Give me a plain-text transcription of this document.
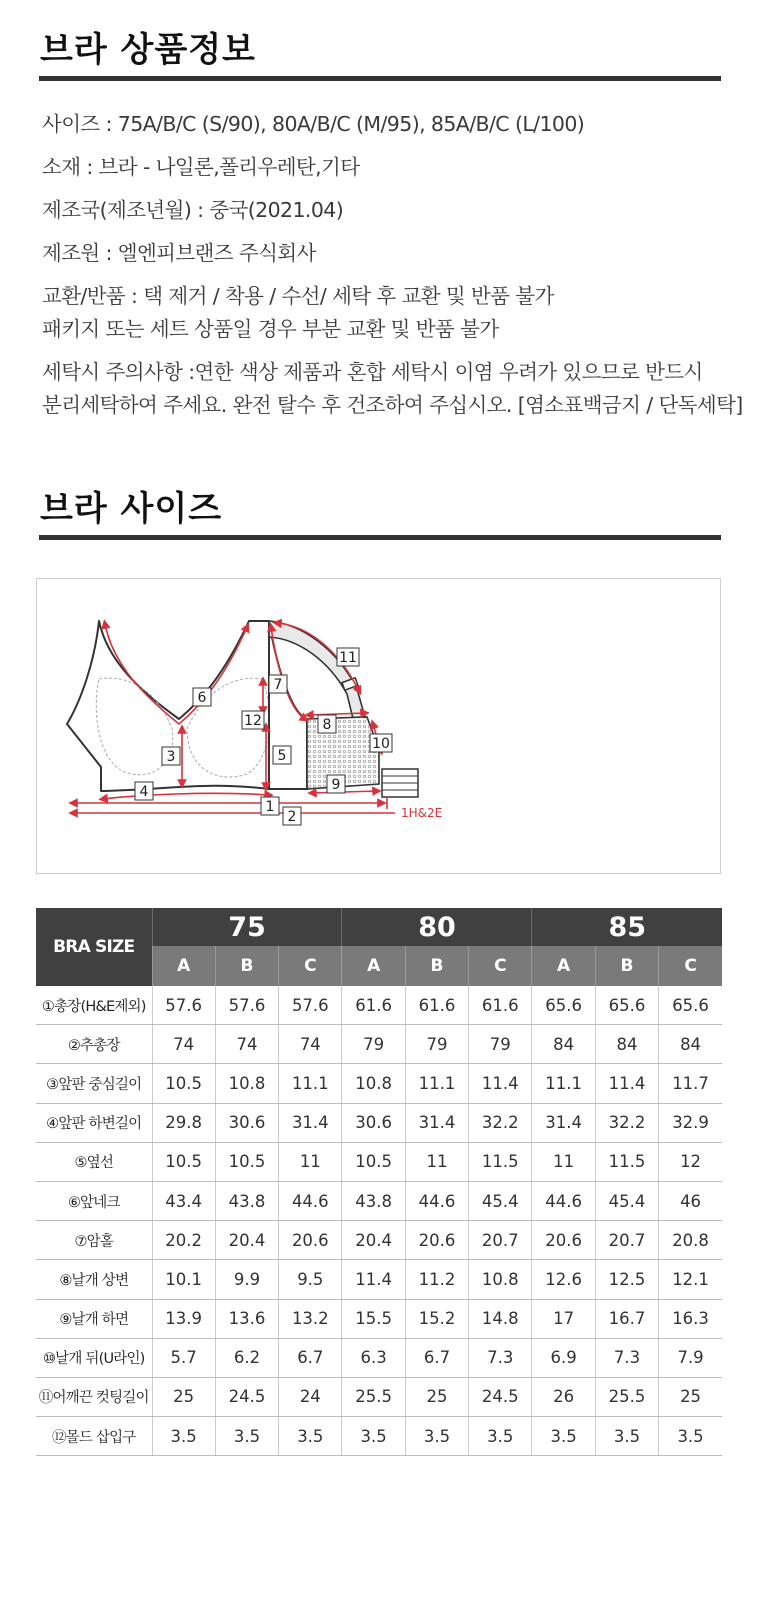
브라 상품정보

사이즈 : 75A/B/C (S/90), 80A/B/C (M/95), 85A/B/C (L/100)

소재 : 브라 - 나일론,폴리우레탄,기타

제조국(제조년월) : 중국(2021.04)

제조원 : 엘엔피브랜즈 주식회사

교환/반품 : 택 제거 / 착용 / 수선/ 세탁 후 교환 및 반품 불가

패키지 또는 세트 상품일 경우 부분 교환 및 반품 불가

세탁시 주의사항 :연한 색상 제품과 혼합 세탁시 이염 우려가 있으므로 반드시

분리세탁하여 주세요. 완전 탈수 후 건조하여 주십시오. [염소표백금지 / 단독세탁]

브라 사이즈
1
2
3
4
5
6
7
8
9
10
11
12
1H&2E
BRA SIZE	75			80			85		
	A	B	C	A	B	C	A	B	C
①총장(H&E제외)	57.6	57.6	57.6	61.6	61.6	61.6	65.6	65.6	65.6
②추총장	74	74	74	79	79	79	84	84	84
③앞판 중심길이	10.5	10.8	11.1	10.8	11.1	11.4	11.1	11.4	11.7
④앞판 하변길이	29.8	30.6	31.4	30.6	31.4	32.2	31.4	32.2	32.9
⑤옆선	10.5	10.5	11	10.5	11	11.5	11	11.5	12
⑥앞네크	43.4	43.8	44.6	43.8	44.6	45.4	44.6	45.4	46
⑦암홀	20.2	20.4	20.6	20.4	20.6	20.7	20.6	20.7	20.8
⑧날개 상변	10.1	9.9	9.5	11.4	11.2	10.8	12.6	12.5	12.1
⑨날개 하면	13.9	13.6	13.2	15.5	15.2	14.8	17	16.7	16.3
⑩날개 뒤(U라인)	5.7	6.2	6.7	6.3	6.7	7.3	6.9	7.3	7.9
⑪어깨끈 컷팅길이	25	24.5	24	25.5	25	24.5	26	25.5	25
⑫몰드 삽입구	3.5	3.5	3.5	3.5	3.5	3.5	3.5	3.5	3.5
